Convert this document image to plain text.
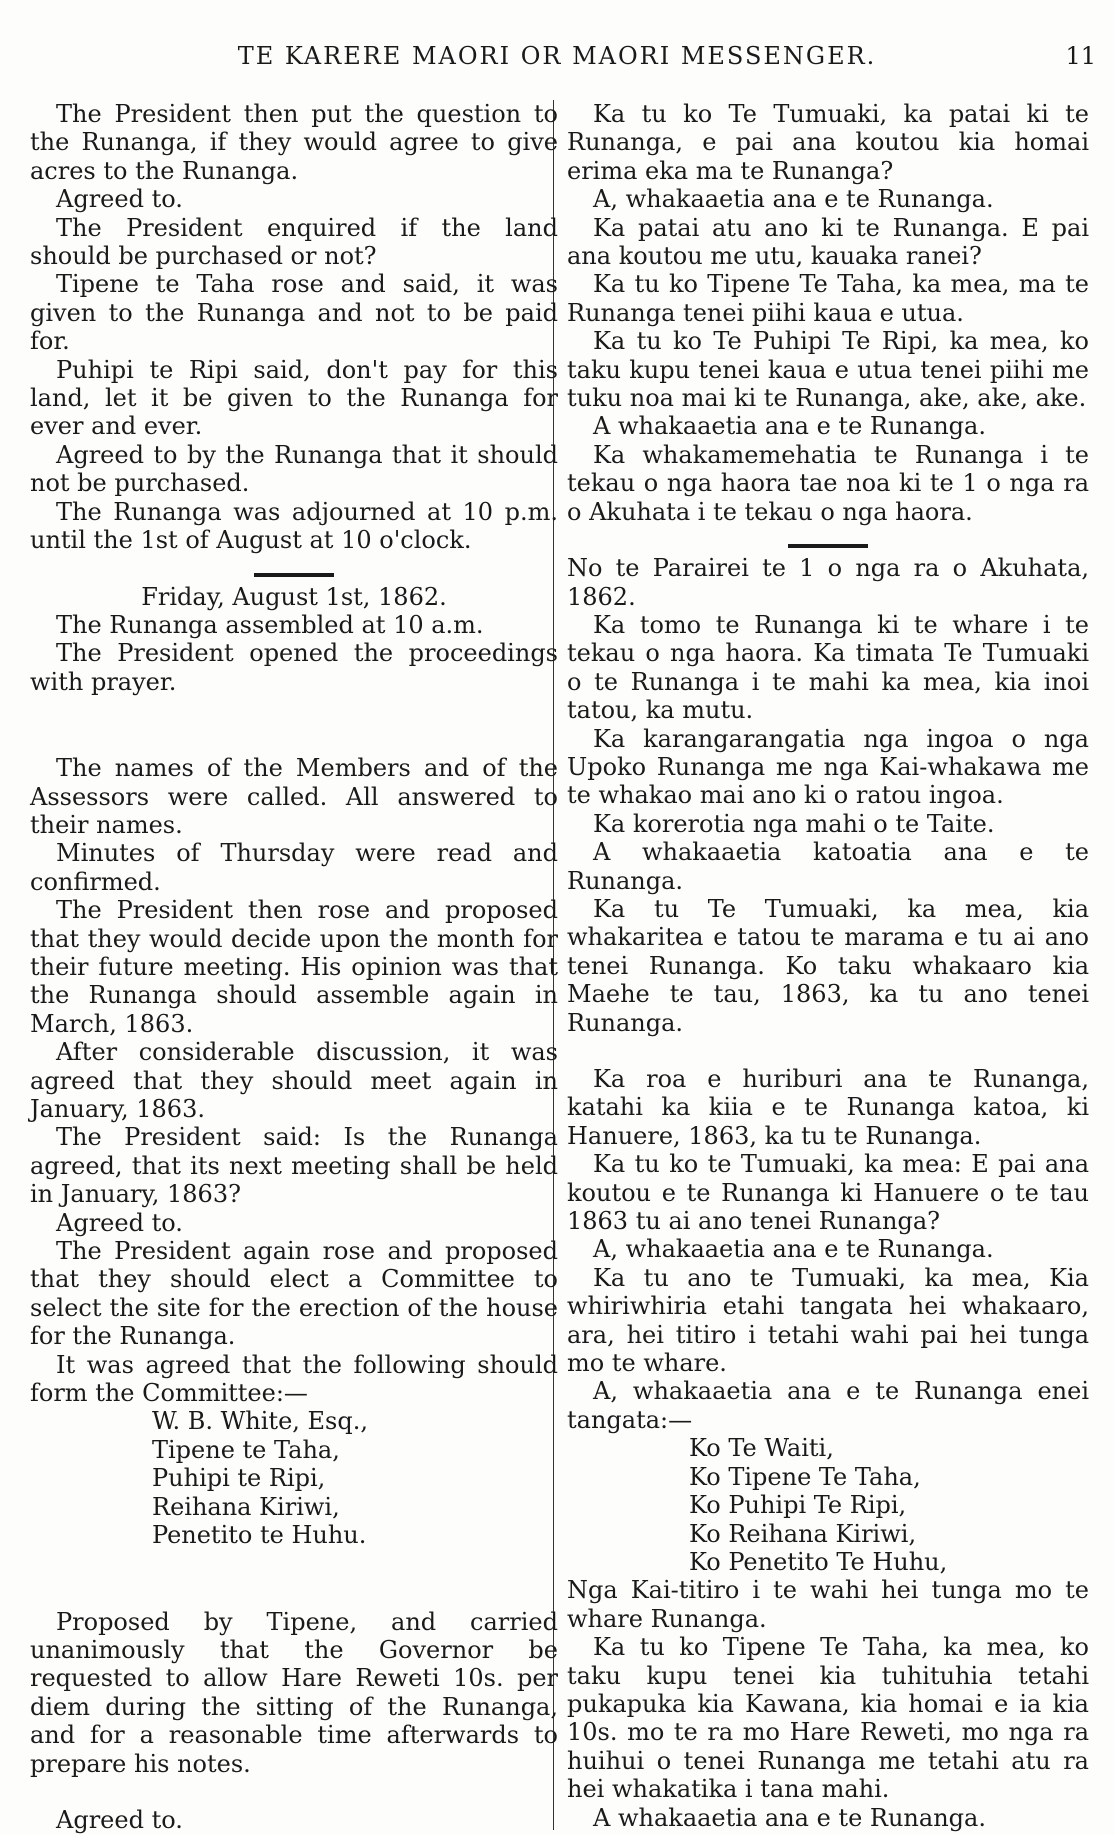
TE KARERE MAORI OR MAORI MESSENGER.	11

The President then put the question to the Runanga, if they would agree to give acres to the Runanga.

Agreed to.

The President enquired if the land should be purchased or not?

Tipene te Taha rose and said, it was given to the Runanga and not to be paid for.

Puhipi te Ripi said, don't pay for this land, let it be given to the Runanga for ever and ever.

Agreed to by the Runanga that it should not be purchased.

The Runanga was adjourned at 10 p.m. until the 1st of August at 10 o'clock.

Friday, August 1st, 1862.

The Runanga assembled at 10 a.m.

The President opened the proceedings with prayer.

The names of the Members and of the Assessors were called. All answered to their names.

Minutes of Thursday were read and confirmed.

The President then rose and proposed that they would decide upon the month for their future meeting. His opinion was that the Runanga should assemble again in March, 1863.

After considerable discussion, it was agreed that they should meet again in January, 1863.

The President said: Is the Runanga agreed, that its next meeting shall be held in January, 1863?

Agreed to.

The President again rose and proposed that they should elect a Committee to select the site for the erection of the house for the Runanga.

It was agreed that the following should form the Committee:—

W. B. White, Esq.,
Tipene te Taha,
Puhipi te Ripi,
Reihana Kiriwi,
Penetito te Huhu.

Proposed by Tipene, and carried unanimously that the Governor be requested to allow Hare Reweti 10s. per diem during the sitting of the Runanga, and for a reasonable time afterwards to prepare his notes.

Agreed to.

Ka tu ko Te Tumuaki, ka patai ki te Runanga, e pai ana koutou kia homai erima eka ma te Runanga?

A, whakaaetia ana e te Runanga.

Ka patai atu ano ki te Runanga. E pai ana koutou me utu, kauaka ranei?

Ka tu ko Tipene Te Taha, ka mea, ma te Runanga tenei piihi kaua e utua.

Ka tu ko Te Puhipi Te Ripi, ka mea, ko taku kupu tenei kaua e utua tenei piihi me tuku noa mai ki te Runanga, ake, ake, ake.

A whakaaetia ana e te Runanga.

Ka whakamemehatia te Runanga i te tekau o nga haora tae noa ki te 1 o nga ra o Akuhata i te tekau o nga haora.

No te Parairei te 1 o nga ra o Akuhata, 1862.

Ka tomo te Runanga ki te whare i te tekau o nga haora. Ka timata Te Tumuaki o te Runanga i te mahi ka mea, kia inoi tatou, ka mutu.

Ka karangarangatia nga ingoa o nga Upoko Runanga me nga Kai-whakawa me te whakao mai ano ki o ratou ingoa.

Ka korerotia nga mahi o te Taite.

A whakaaetia katoatia ana e te Runanga.

Ka tu Te Tumuaki, ka mea, kia whakaritea e tatou te marama e tu ai ano tenei Runanga. Ko taku whakaaro kia Maehe te tau, 1863, ka tu ano tenei Runanga.

Ka roa e huriburi ana te Runanga, katahi ka kiia e te Runanga katoa, ki Hanuere, 1863, ka tu te Runanga.

Ka tu ko te Tumuaki, ka mea: E pai ana koutou e te Runanga ki Hanuere o te tau 1863 tu ai ano tenei Runanga?

A, whakaaetia ana e te Runanga.

Ka tu ano te Tumuaki, ka mea, Kia whiriwhiria etahi tangata hei whakaaro, ara, hei titiro i tetahi wahi pai hei tunga mo te whare.

A, whakaaetia ana e te Runanga enei tangata:—

Ko Te Waiti,
Ko Tipene Te Taha,
Ko Puhipi Te Ripi,
Ko Reihana Kiriwi,
Ko Penetito Te Huhu,

Nga Kai-titiro i te wahi hei tunga mo te whare Runanga.

Ka tu ko Tipene Te Taha, ka mea, ko taku kupu tenei kia tuhituhia tetahi pukapuka kia Kawana, kia homai e ia kia 10s. mo te ra mo Hare Reweti, mo nga ra huihui o tenei Runanga me tetahi atu ra hei whakatika i tana mahi.

A whakaaetia ana e te Runanga.
